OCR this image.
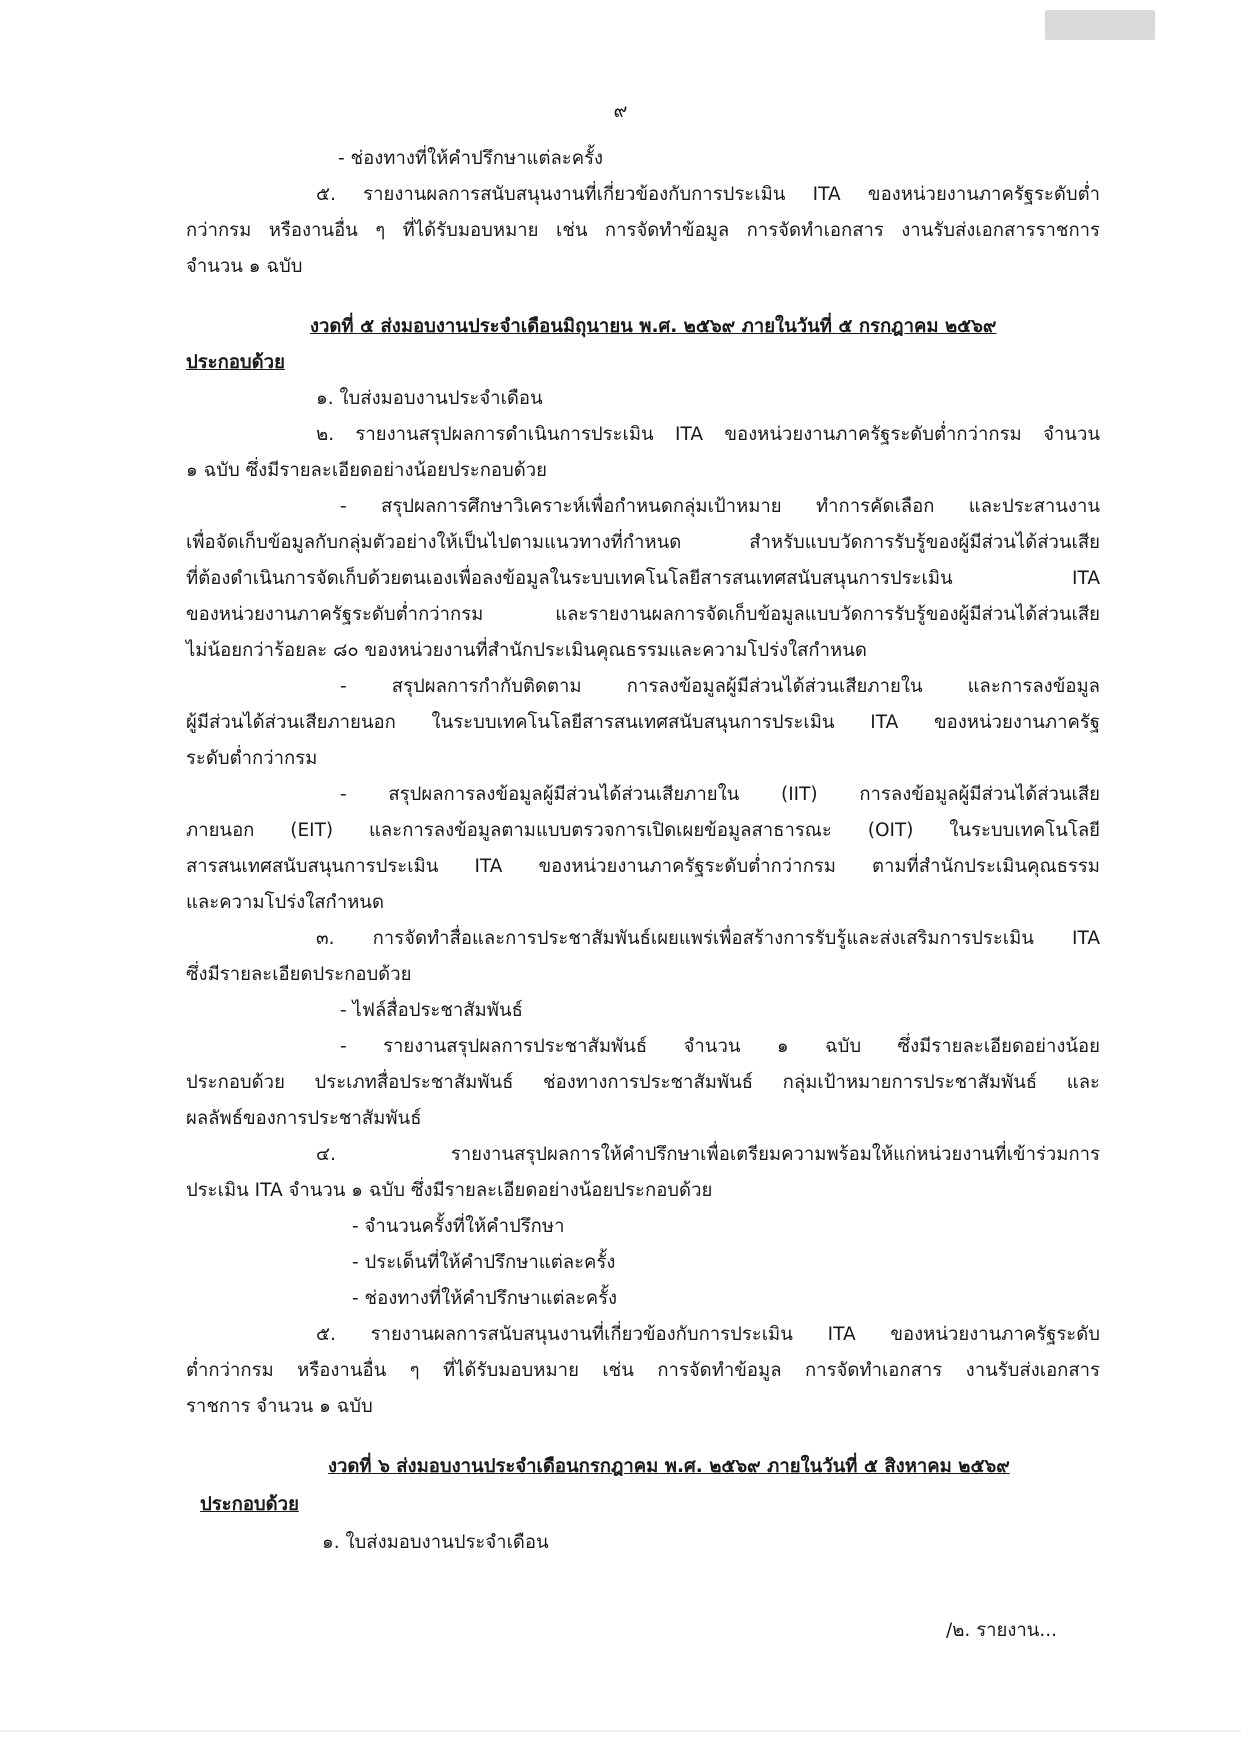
๙
- ช่องทางที่ให้คำปรึกษาแต่ละครั้ง
๕. รายงานผลการสนับสนุนงานที่เกี่ยวข้องกับการประเมิน ITA ของหน่วยงานภาครัฐระดับต่ำ
กว่ากรม หรืองานอื่น ๆ ที่ได้รับมอบหมาย เช่น การจัดทำข้อมูล การจัดทำเอกสาร งานรับส่งเอกสารราชการ
จำนวน ๑ ฉบับ
งวดที่ ๕ ส่งมอบงานประจำเดือนมิถุนายน พ.ศ. ๒๕๖๙ ภายในวันที่ ๕ กรกฎาคม ๒๕๖๙
ประกอบด้วย
๑. ใบส่งมอบงานประจำเดือน
๒. รายงานสรุปผลการดำเนินการประเมิน ITA ของหน่วยงานภาครัฐระดับต่ำกว่ากรม จำนวน
๑ ฉบับ ซึ่งมีรายละเอียดอย่างน้อยประกอบด้วย
- สรุปผลการศึกษาวิเคราะห์เพื่อกำหนดกลุ่มเป้าหมาย ทำการคัดเลือก และประสานงาน
เพื่อจัดเก็บข้อมูลกับกลุ่มตัวอย่างให้เป็นไปตามแนวทางที่กำหนด สำหรับแบบวัดการรับรู้ของผู้มีส่วนได้ส่วนเสีย
ที่ต้องดำเนินการจัดเก็บด้วยตนเองเพื่อลงข้อมูลในระบบเทคโนโลยีสารสนเทศสนับสนุนการประเมิน ITA
ของหน่วยงานภาครัฐระดับต่ำกว่ากรม และรายงานผลการจัดเก็บข้อมูลแบบวัดการรับรู้ของผู้มีส่วนได้ส่วนเสีย
ไม่น้อยกว่าร้อยละ ๘๐ ของหน่วยงานที่สำนักประเมินคุณธรรมและความโปร่งใสกำหนด
- สรุปผลการกำกับติดตาม การลงข้อมูลผู้มีส่วนได้ส่วนเสียภายใน และการลงข้อมูล
ผู้มีส่วนได้ส่วนเสียภายนอก ในระบบเทคโนโลยีสารสนเทศสนับสนุนการประเมิน ITA ของหน่วยงานภาครัฐ
ระดับต่ำกว่ากรม
- สรุปผลการลงข้อมูลผู้มีส่วนได้ส่วนเสียภายใน (IIT) การลงข้อมูลผู้มีส่วนได้ส่วนเสีย
ภายนอก (EIT) และการลงข้อมูลตามแบบตรวจการเปิดเผยข้อมูลสาธารณะ (OIT) ในระบบเทคโนโลยี
สารสนเทศสนับสนุนการประเมิน ITA ของหน่วยงานภาครัฐระดับต่ำกว่ากรม ตามที่สำนักประเมินคุณธรรม
และความโปร่งใสกำหนด
๓. การจัดทำสื่อและการประชาสัมพันธ์เผยแพร่เพื่อสร้างการรับรู้และส่งเสริมการประเมิน ITA
ซึ่งมีรายละเอียดประกอบด้วย
- ไฟล์สื่อประชาสัมพันธ์
- รายงานสรุปผลการประชาสัมพันธ์ จำนวน ๑ ฉบับ ซึ่งมีรายละเอียดอย่างน้อย
ประกอบด้วย ประเภทสื่อประชาสัมพันธ์ ช่องทางการประชาสัมพันธ์ กลุ่มเป้าหมายการประชาสัมพันธ์ และ
ผลลัพธ์ของการประชาสัมพันธ์
๔. รายงานสรุปผลการให้คำปรึกษาเพื่อเตรียมความพร้อมให้แก่หน่วยงานที่เข้าร่วมการ
ประเมิน ITA จำนวน ๑ ฉบับ ซึ่งมีรายละเอียดอย่างน้อยประกอบด้วย
- จำนวนครั้งที่ให้คำปรึกษา
- ประเด็นที่ให้คำปรึกษาแต่ละครั้ง
- ช่องทางที่ให้คำปรึกษาแต่ละครั้ง
๕. รายงานผลการสนับสนุนงานที่เกี่ยวข้องกับการประเมิน ITA ของหน่วยงานภาครัฐระดับ
ต่ำกว่ากรม หรืองานอื่น ๆ ที่ได้รับมอบหมาย เช่น การจัดทำข้อมูล การจัดทำเอกสาร งานรับส่งเอกสาร
ราชการ จำนวน ๑ ฉบับ
งวดที่ ๖ ส่งมอบงานประจำเดือนกรกฎาคม พ.ศ. ๒๕๖๙ ภายในวันที่ ๕ สิงหาคม ๒๕๖๙
ประกอบด้วย
๑. ใบส่งมอบงานประจำเดือน
/๒. รายงาน...
